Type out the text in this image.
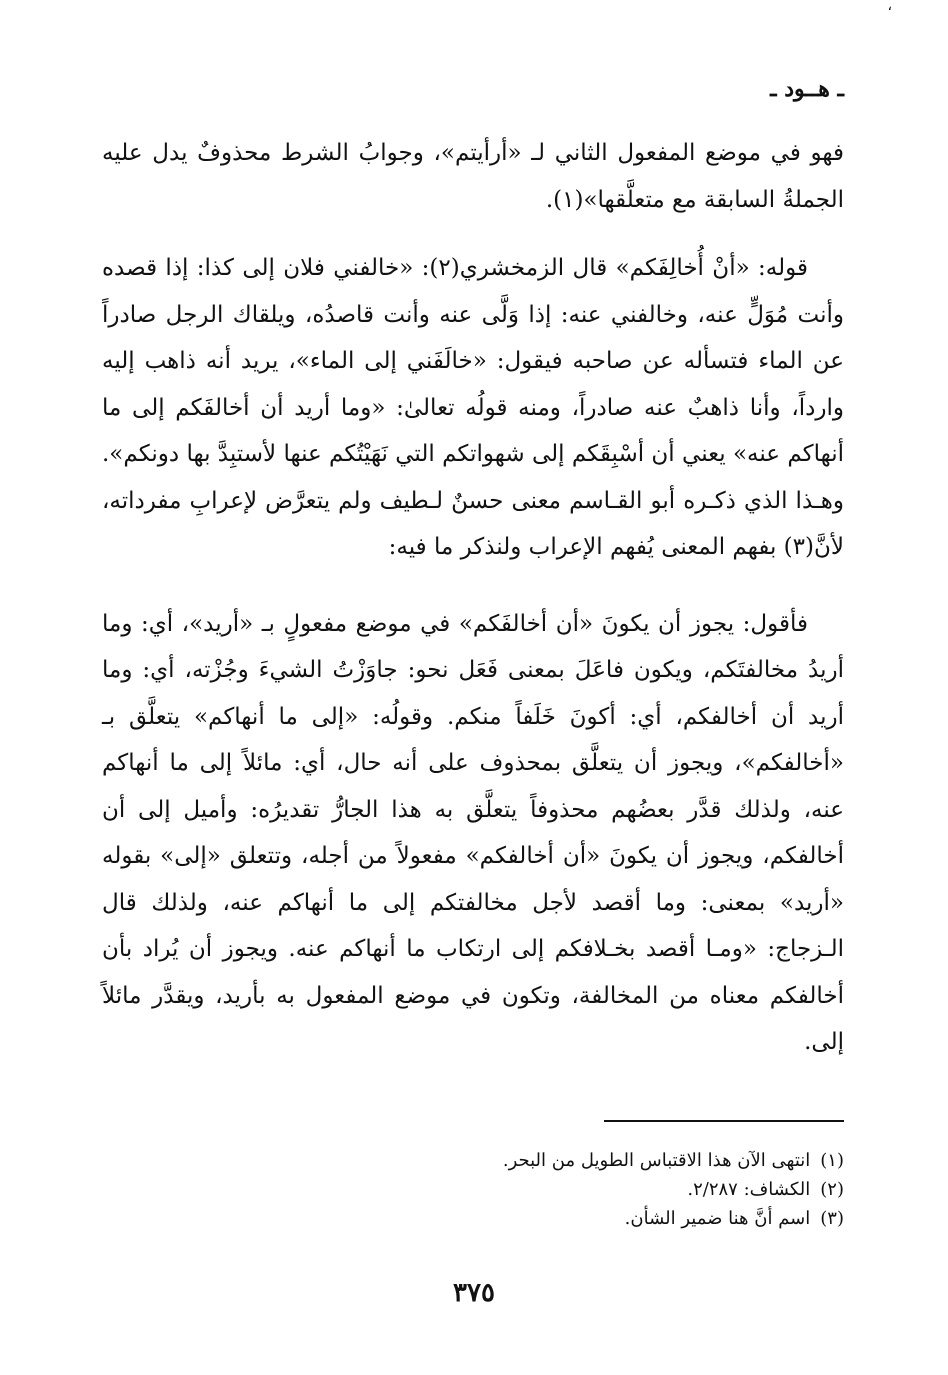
،
ـ هــود ـ

فهو في موضع المفعول الثاني لـ «أرأيتم»، وجوابُ الشرط محذوفٌ يدل عليه الجملةُ السابقة مع متعلَّقها»(١).

قوله: «أنْ أُخالِفَكم» قال الزمخشري(٢): «خالفني فلان إلى كذا: إذا قصده وأنت مُوَلٍّ عنه، وخالفني عنه: إذا وَلَّى عنه وأنت قاصدُه، ويلقاك الرجل صادراً عن الماء فتسأله عن صاحبه فيقول: «خالَفَني إلى الماء»، يريد أنه ذاهب إليه وارداً، وأنا ذاهبٌ عنه صادراً، ومنه قولُه تعالىٰ: «وما أريد أن أخالفَكم إلى ما أنهاكم عنه» يعني أن أسْبِقَكم إلى شهواتكم التي نَهَيْتُكم عنها لأستبِدَّ بها دونكم». وهـذا الذي ذكـره أبو القـاسم معنى حسنٌ لـطيف ولم يتعرَّض لإعرابِ مفرداته، لأنَّ(٣) بفهم المعنى يُفهم الإعراب ولنذكر ما فيه:

فأقول: يجوز أن يكونَ «أن أخالفَكم» في موضع مفعولٍ بـ «أريد»، أي: وما أريدُ مخالفتَكم، ويكون فاعَلَ بمعنى فَعَل نحو: جاوَزْتُ الشيءَ وجُزْته، أي: وما أريد أن أخالفكم، أي: أكونَ خَلَفاً منكم. وقولُه: «إلى ما أنهاكم» يتعلَّق بـ «أخالفكم»، ويجوز أن يتعلَّق بمحذوف على أنه حال، أي: مائلاً إلى ما أنهاكم عنه، ولذلك قدَّر بعضُهم محذوفاً يتعلَّق به هذا الجارُّ تقديرُه: وأميل إلى أن أخالفكم، ويجوز أن يكونَ «أن أخالفكم» مفعولاً من أجله، وتتعلق «إلى» بقوله «أريد» بمعنى: وما أقصد لأجل مخالفتكم إلى ما أنهاكم عنه، ولذلك قال الـزجاج: «ومـا أقصد بخـلافكم إلى ارتكاب ما أنهاكم عنه. ويجوز أن يُراد بأن أخالفكم معناه من المخالفة، وتكون في موضع المفعول به بأريد، ويقدَّر مائلاً إلى.

(١)انتهى الآن هذا الاقتباس الطويل من البحر.

(٢)الكشاف: ٢/٢٨٧.

(٣)اسم أنَّ هنا ضمير الشأن.

٣٧٥
